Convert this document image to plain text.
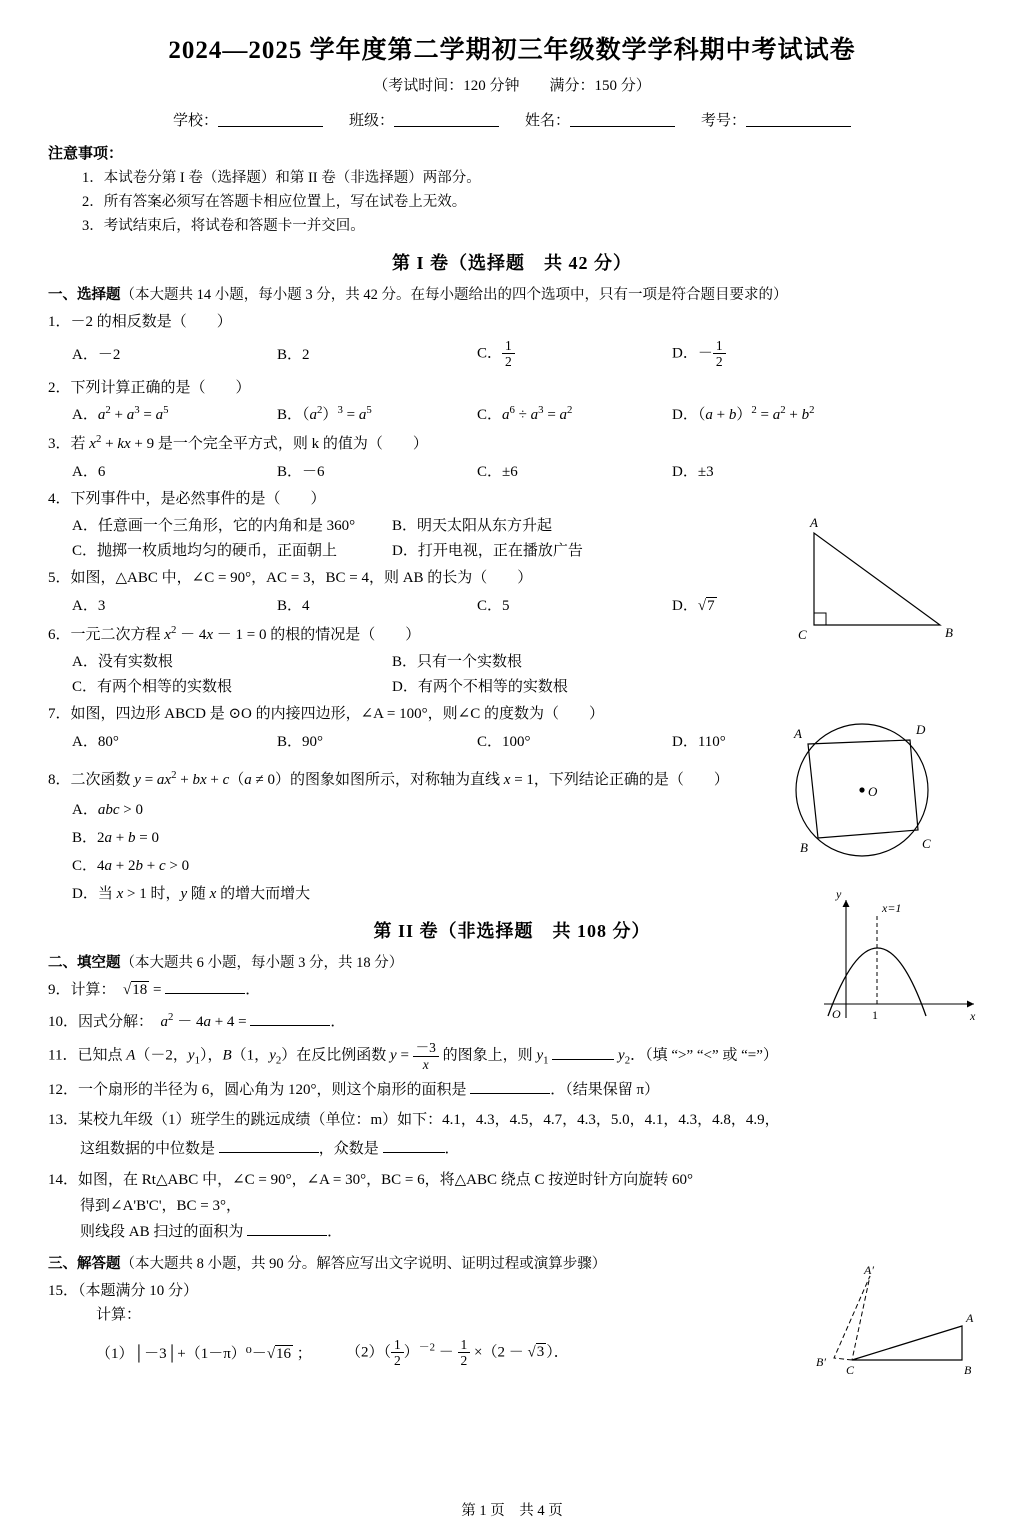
2024—2025 学年度第二学期初三年级数学学科期中考试试卷
（考试时间：120 分钟　　满分：150 分）
学校：	班级：	姓名：	考号：
注意事项：
1．本试卷分第 I 卷（选择题）和第 II 卷（非选择题）两部分。
2．所有答案必须写在答题卡相应位置上，写在试卷上无效。
3．考试结束后，将试卷和答题卡一并交回。
第 I 卷（选择题　共 42 分）
一、选择题（本大题共 14 小题，每小题 3 分，共 42 分。在每小题给出的四个选项中，只有一项是符合题目要求的）
1．－2 的相反数是（　　）
A．－2	B．2	C． $\frac{1}{2}$	D．－ $\frac{1}{2}$
2．下列计算正确的是（　　）
A．$a^2 + a^3 = a^5$	B．$(a^2)^3 = a^5$	C．$a^6 \div a^3 = a^2$	D．$(a + b)^2 = a^2 + b^2$
3．若 $x^2$ + kx + 9 是一个完全平方式，则 k 的值为（　　）
A．6	B．－6	C．±6	D．±3
4．下列事件中，是必然事件的是（　　）
A．任意画一个三角形，它的内角和是 360°	B．明天太阳从东方升起
C．抛掷一枚质地均匀的硬币，正面朝上	D．打开电视，正在播放广告
5．如图，△ABC 中，∠C = 90°，AC = 3，BC = 4，则 AB 的长为（　　）
A．3	B．4	C．5	D．√7
6．一元二次方程 $x^2 - 4x - 1 = 0$ 的根的情况是（　　）
A．没有实数根	B．只有一个实数根
C．有两个相等的实数根	D．有两个不相等的实数根
7．如图，四边形 ABCD 是 ⊙O 的内接四边形，∠A = 100°，则∠C 的度数为（　　）
A．80°	B．90°	C．100°	D．110°
8．二次函数 $y = ax^2$ + bx + c（a ≠ 0）的图象如图所示，对称轴为直线 x = 1，下列结论正确的是（　　）
A．abc > 0
B．2a + b = 0
C．4a + 2b + c > 0
D．当 x > 1 时，y 随 x 的增大而增大
第 II 卷（非选择题　共 108 分）
二、填空题（本大题共 6 小题，每小题 3 分，共 18 分）
9．计算：　√18 =	．
10．因式分解：　 $a^2 - 4a + 4$ =	．
11．已知点 A（－2，$y_1$），B（1，$y_2$）在反比例函数 $y = \frac{-3}{x}$ 的图象上，则 $y_1$	$y_2$．（填 “>” “<” 或 “=”）
12．一个扇形的半径为 6，圆心角为 120°，则这个扇形的面积是	．（结果保留 π）
13．某校九年级（1）班学生的跳远成绩（单位：m）如下：4.1，4.3，4.5，4.7，4.3，5.0，4.1，4.3，4.8，4.9，
这组数据的中位数是	，众数是	．
14．如图，在 Rt△ABC 中，∠C = 90°，∠A = 30°，BC = 6，将△ABC 绕点 C 按逆时针方向旋转 60°
得到∠A'B'C'，BC = 3°，
则线段 AB 扫过的面积为	．
三、解答题（本大题共 8 小题，共 90 分。解答应写出文字说明、证明过程或演算步骤）
15．（本题满分 10 分）
计算：
（1）│－3│+（1－π）⁰－√16 ；	$(2)( \frac{1}{2} )^{-2} - \frac{1}{2} \times(2 - √3$ ）．
A
C	B
O
A	D
B	C
y
x
O	1
x=1
A′
A
B′
C	B
第 1 页　共 4 页
